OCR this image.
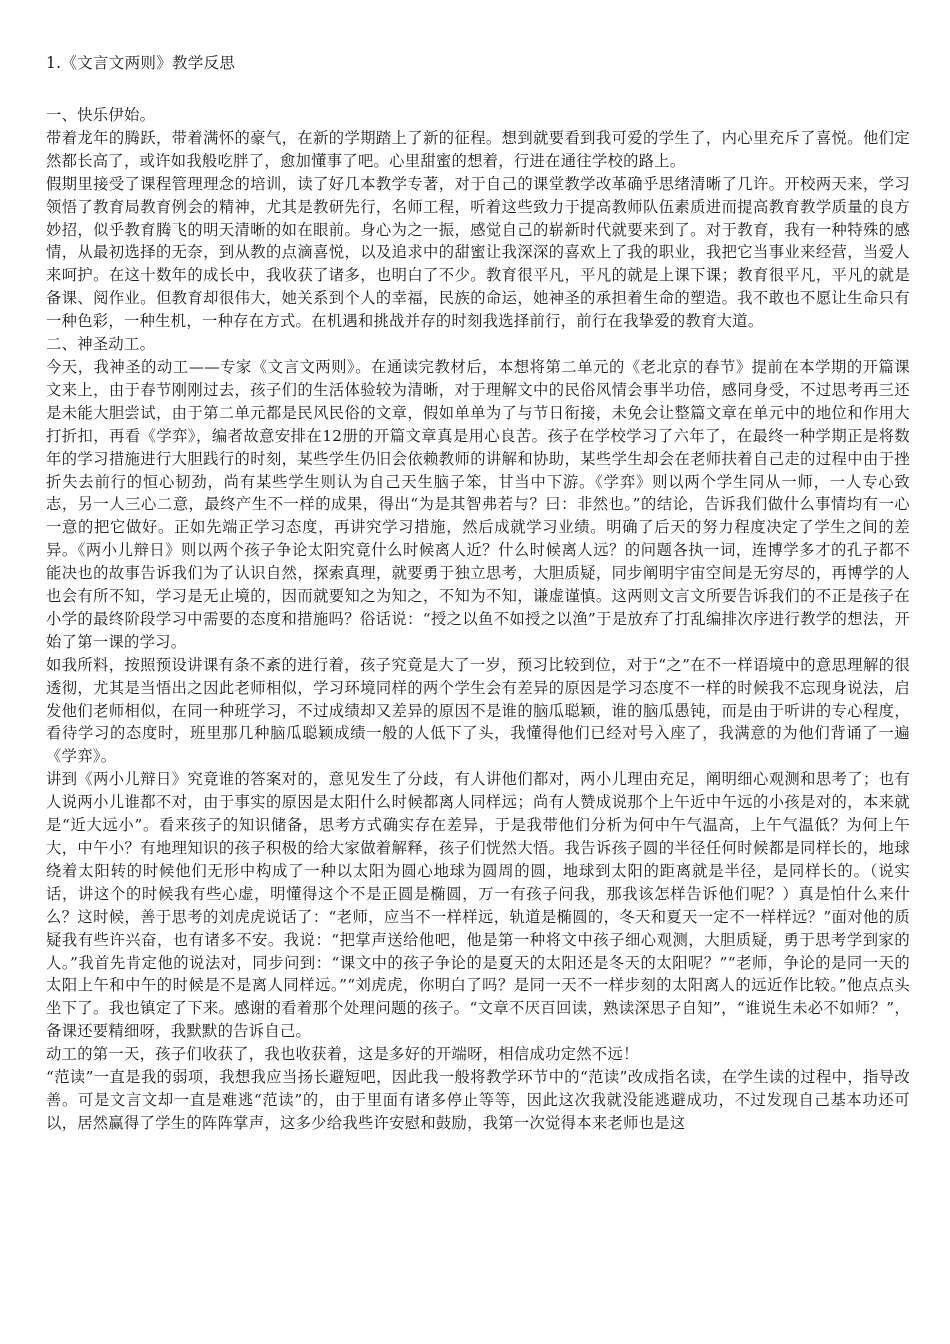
1.《文言文两则》教学反思

一、快乐伊始。

带着龙年的腾跃，带着满怀的豪气，在新的学期踏上了新的征程。想到就要看到我可爱的学生了，内心里充斥了喜悦。他们定然都长高了，或许如我般吃胖了，愈加懂事了吧。心里甜蜜的想着，行进在通往学校的路上。

假期里接受了课程管理理念的培训，读了好几本教学专著，对于自己的课堂教学改革确乎思绪清晰了几许。开校两天来，学习领悟了教育局教育例会的精神，尤其是教研先行，名师工程，听着这些致力于提高教师队伍素质进而提高教育教学质量的良方妙招，似乎教育腾飞的明天清晰的如在眼前。身心为之一振，感觉自己的崭新时代就要来到了。对于教育，我有一种特殊的感情，从最初选择的无奈，到从教的点滴喜悦，以及追求中的甜蜜让我深深的喜欢上了我的职业，我把它当事业来经营，当爱人来呵护。在这十数年的成长中，我收获了诸多，也明白了不少。教育很平凡，平凡的就是上课下课；教育很平凡，平凡的就是备课、阅作业。但教育却很伟大，她关系到个人的幸福，民族的命运，她神圣的承担着生命的塑造。我不敢也不愿让生命只有一种色彩，一种生机，一种存在方式。在机遇和挑战并存的时刻我选择前行，前行在我挚爱的教育大道。

二、神圣动工。

今天，我神圣的动工——专家《文言文两则》。在通读完教材后，本想将第二单元的《老北京的春节》提前在本学期的开篇课文来上，由于春节刚刚过去，孩子们的生活体验较为清晰，对于理解文中的民俗风情会事半功倍，感同身受，不过思考再三还是未能大胆尝试，由于第二单元都是民风民俗的文章，假如单单为了与节日衔接，未免会让整篇文章在单元中的地位和作用大打折扣，再看《学弈》，编者故意安排在12册的开篇文章真是用心良苦。孩子在学校学习了六年了，在最终一种学期正是将数年的学习措施进行大胆践行的时刻，某些学生仍旧会依赖教师的讲解和协助，某些学生却会在老师扶着自己走的过程中由于挫折失去前行的恒心韧劲，尚有某些学生则认为自己天生脑子笨，甘当中下游。《学弈》则以两个学生同从一师，一人专心致志，另一人三心二意，最终产生不一样的成果，得出“为是其智弗若与？曰：非然也。”的结论，告诉我们做什么事情均有一心一意的把它做好。正如先端正学习态度，再讲究学习措施，然后成就学习业绩。明确了后天的努力程度决定了学生之间的差异。《两小儿辩日》则以两个孩子争论太阳究竟什么时候离人近？什么时候离人远？的问题各执一词，连博学多才的孔子都不能决也的故事告诉我们为了认识自然，探索真理，就要勇于独立思考，大胆质疑，同步阐明宇宙空间是无穷尽的，再博学的人也会有所不知，学习是无止境的，因而就要知之为知之，不知为不知，谦虚谨慎。这两则文言文所要告诉我们的不正是孩子在小学的最终阶段学习中需要的态度和措施吗？俗话说：“授之以鱼不如授之以渔”于是放弃了打乱编排次序进行教学的想法，开始了第一课的学习。

如我所料，按照预设讲课有条不紊的进行着，孩子究竟是大了一岁，预习比较到位，对于“之”在不一样语境中的意思理解的很透彻，尤其是当悟出之因此老师相似，学习环境同样的两个学生会有差异的原因是学习态度不一样的时候我不忘现身说法，启发他们老师相似，在同一种班学习，不过成绩却又差异的原因不是谁的脑瓜聪颖，谁的脑瓜愚钝，而是由于听讲的专心程度，看待学习的态度时，班里那几种脑瓜聪颖成绩一般的人低下了头，我懂得他们已经对号入座了，我满意的为他们背诵了一遍《学弈》。

讲到《两小儿辩日》究竟谁的答案对的，意见发生了分歧，有人讲他们都对，两小儿理由充足，阐明细心观测和思考了；也有人说两小儿谁都不对，由于事实的原因是太阳什么时候都离人同样远；尚有人赞成说那个上午近中午远的小孩是对的，本来就是“近大远小”。看来孩子的知识储备，思考方式确实存在差异，于是我带他们分析为何中午气温高，上午气温低？为何上午大，中午小？有地理知识的孩子积极的给大家做着解释，孩子们恍然大悟。我告诉孩子圆的半径任何时候都是同样长的，地球绕着太阳转的时候他们无形中构成了一种以太阳为圆心地球为圆周的圆，地球到太阳的距离就是半径，是同样长的。（说实话，讲这个的时候我有些心虚，明懂得这个不是正圆是椭圆，万一有孩子问我，那我该怎样告诉他们呢？）真是怕什么来什么？这时候，善于思考的刘虎虎说话了：“老师，应当不一样样远，轨道是椭圆的，冬天和夏天一定不一样样远？”面对他的质疑我有些许兴奋，也有诸多不安。我说：“把掌声送给他吧，他是第一种将文中孩子细心观测，大胆质疑，勇于思考学到家的人。”我首先肯定他的说法对，同步问到：“课文中的孩子争论的是夏天的太阳还是冬天的太阳呢？”“老师，争论的是同一天的太阳上午和中午的时候是不是离人同样远。”“刘虎虎，你明白了吗？是同一天不一样步刻的太阳离人的远近作比较。”他点点头坐下了。我也镇定了下来。感谢的看着那个处理问题的孩子。“文章不厌百回读，熟读深思子自知”，“谁说生未必不如师？”，备课还要精细呀，我默默的告诉自己。

动工的第一天，孩子们收获了，我也收获着，这是多好的开端呀，相信成功定然不远！

“范读”一直是我的弱项，我想我应当扬长避短吧，因此我一般将教学环节中的“范读”改成指名读，在学生读的过程中，指导改善。可是文言文却一直是难逃“范读”的，由于里面有诸多停止等等，因此这次我就没能逃避成功，不过发现自己基本功还可以，居然赢得了学生的阵阵掌声，这多少给我些许安慰和鼓励，我第一次觉得本来老师也是这
